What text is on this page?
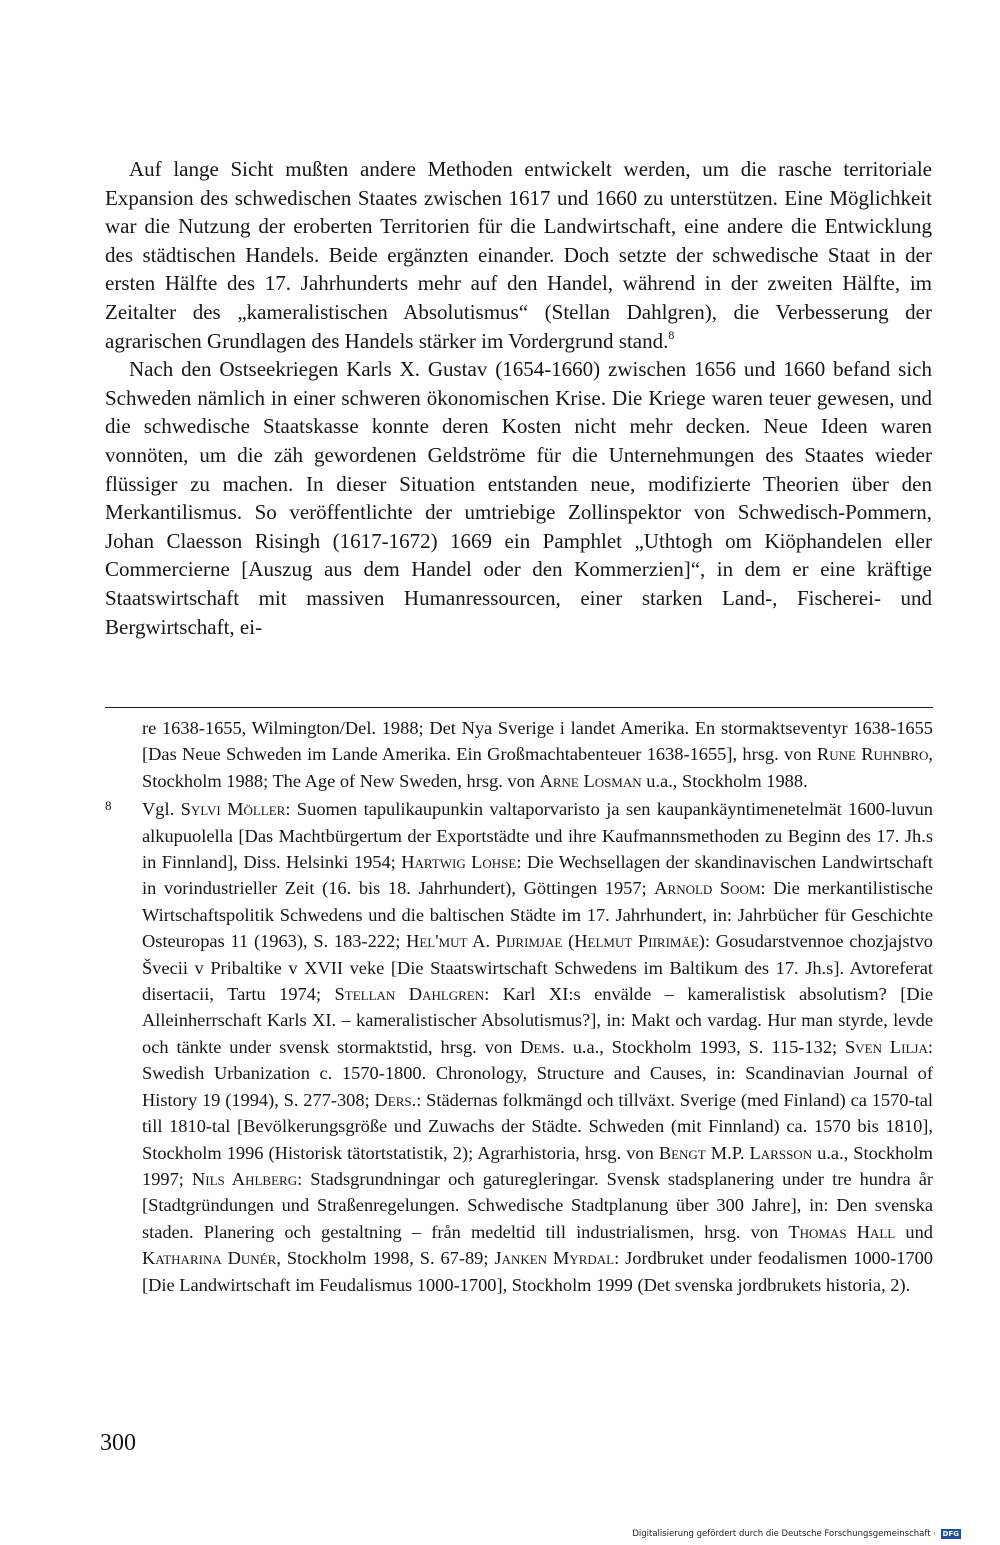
Auf lange Sicht mußten andere Methoden entwickelt werden, um die rasche territoriale Expansion des schwedischen Staates zwischen 1617 und 1660 zu unterstützen. Eine Möglichkeit war die Nutzung der eroberten Territorien für die Landwirtschaft, eine andere die Entwicklung des städtischen Handels. Beide ergänzten einander. Doch setzte der schwedische Staat in der ersten Hälfte des 17. Jahrhunderts mehr auf den Handel, während in der zweiten Hälfte, im Zeitalter des „kameralistischen Absolutismus“ (Stellan Dahlgren), die Verbesserung der agrarischen Grundlagen des Handels stärker im Vordergrund stand.$^8$

Nach den Ostseekriegen Karls X. Gustav (1654-1660) zwischen 1656 und 1660 befand sich Schweden nämlich in einer schweren ökonomischen Krise. Die Kriege waren teuer gewesen, und die schwedische Staatskasse konnte deren Kosten nicht mehr decken. Neue Ideen waren vonnöten, um die zäh gewordenen Geldströme für die Unternehmungen des Staates wieder flüssiger zu machen. In dieser Situation entstanden neue, modifizierte Theorien über den Merkantilismus. So veröffentlichte der umtriebige Zollinspektor von Schwedisch-Pommern, Johan Claesson Risingh (1617-1672) 1669 ein Pamphlet „Uthtogh om Kiöphandelen eller Commercierne [Auszug aus dem Handel oder den Kommerzien]“, in dem er eine kräftige Staatswirtschaft mit massiven Humanressourcen, einer starken Land-, Fischerei- und Bergwirtschaft, ei-

re 1638-1655, Wilmington/Del. 1988; Det Nya Sverige i landet Amerika. En stormaktseventyr 1638-1655 [Das Neue Schweden im Lande Amerika. Ein Großmachtabenteuer 1638-1655], hrsg. von Rune Ruhnbro, Stockholm 1988; The Age of New Sweden, hrsg. von Arne Losman u.a., Stockholm 1988.

8 Vgl. Sylvi Möller: Suomen tapulikaupunkin valtaporvaristo ja sen kaupankäyntimenetelmät 1600-luvun alkupuolella [Das Machtbürgertum der Exportstädte und ihre Kaufmannsmethoden zu Beginn des 17. Jh.s in Finnland], Diss. Helsinki 1954; Hartwig Lohse: Die Wechsellagen der skandinavischen Landwirtschaft in vorindustrieller Zeit (16. bis 18. Jahrhundert), Göttingen 1957; Arnold Soom: Die merkantilistische Wirtschaftspolitik Schwedens und die baltischen Städte im 17. Jahrhundert, in: Jahrbücher für Geschichte Osteuropas 11 (1963), S. 183-222; Hel'mut A. Pijrimjae (Helmut Piirimäe): Gosudarstvennoe chozjajstvo Švecii v Pribaltike v XVII veke [Die Staatswirtschaft Schwedens im Baltikum des 17. Jh.s]. Avtoreferat disertacii, Tartu 1974; Stellan Dahlgren: Karl XI:s envälde – kameralistisk absolutism? [Die Alleinherrschaft Karls XI. – kameralistischer Absolutismus?], in: Makt och vardag. Hur man styrde, levde och tänkte under svensk stormaktstid, hrsg. von Dems. u.a., Stockholm 1993, S. 115-132; Sven Lilja: Swedish Urbanization c. 1570-1800. Chronology, Structure and Causes, in: Scandinavian Journal of History 19 (1994), S. 277-308; Ders.: Städernas folkmängd och tillväxt. Sverige (med Finland) ca 1570-tal till 1810-tal [Bevölkerungsgröße und Zuwachs der Städte. Schweden (mit Finnland) ca. 1570 bis 1810], Stockholm 1996 (Historisk tätortstatistik, 2); Agrarhistoria, hrsg. von Bengt M.P. Larsson u.a., Stockholm 1997; Nils Ahlberg: Stadsgrundningar och gaturegleringar. Svensk stadsplanering under tre hundra år [Stadtgründungen und Straßenregelungen. Schwedische Stadtplanung über 300 Jahre], in: Den svenska staden. Planering och gestaltning – från medeltid till industrialismen, hrsg. von Thomas Hall und Katharina Dunér, Stockholm 1998, S. 67-89; Janken Myrdal: Jordbruket under feodalismen 1000-1700 [Die Landwirtschaft im Feudalismus 1000-1700], Stockholm 1999 (Det svenska jordbrukets historia, 2).

300
Digitalisierung gefördert durch die Deutsche Forschungsgemeinschaft · DFG
